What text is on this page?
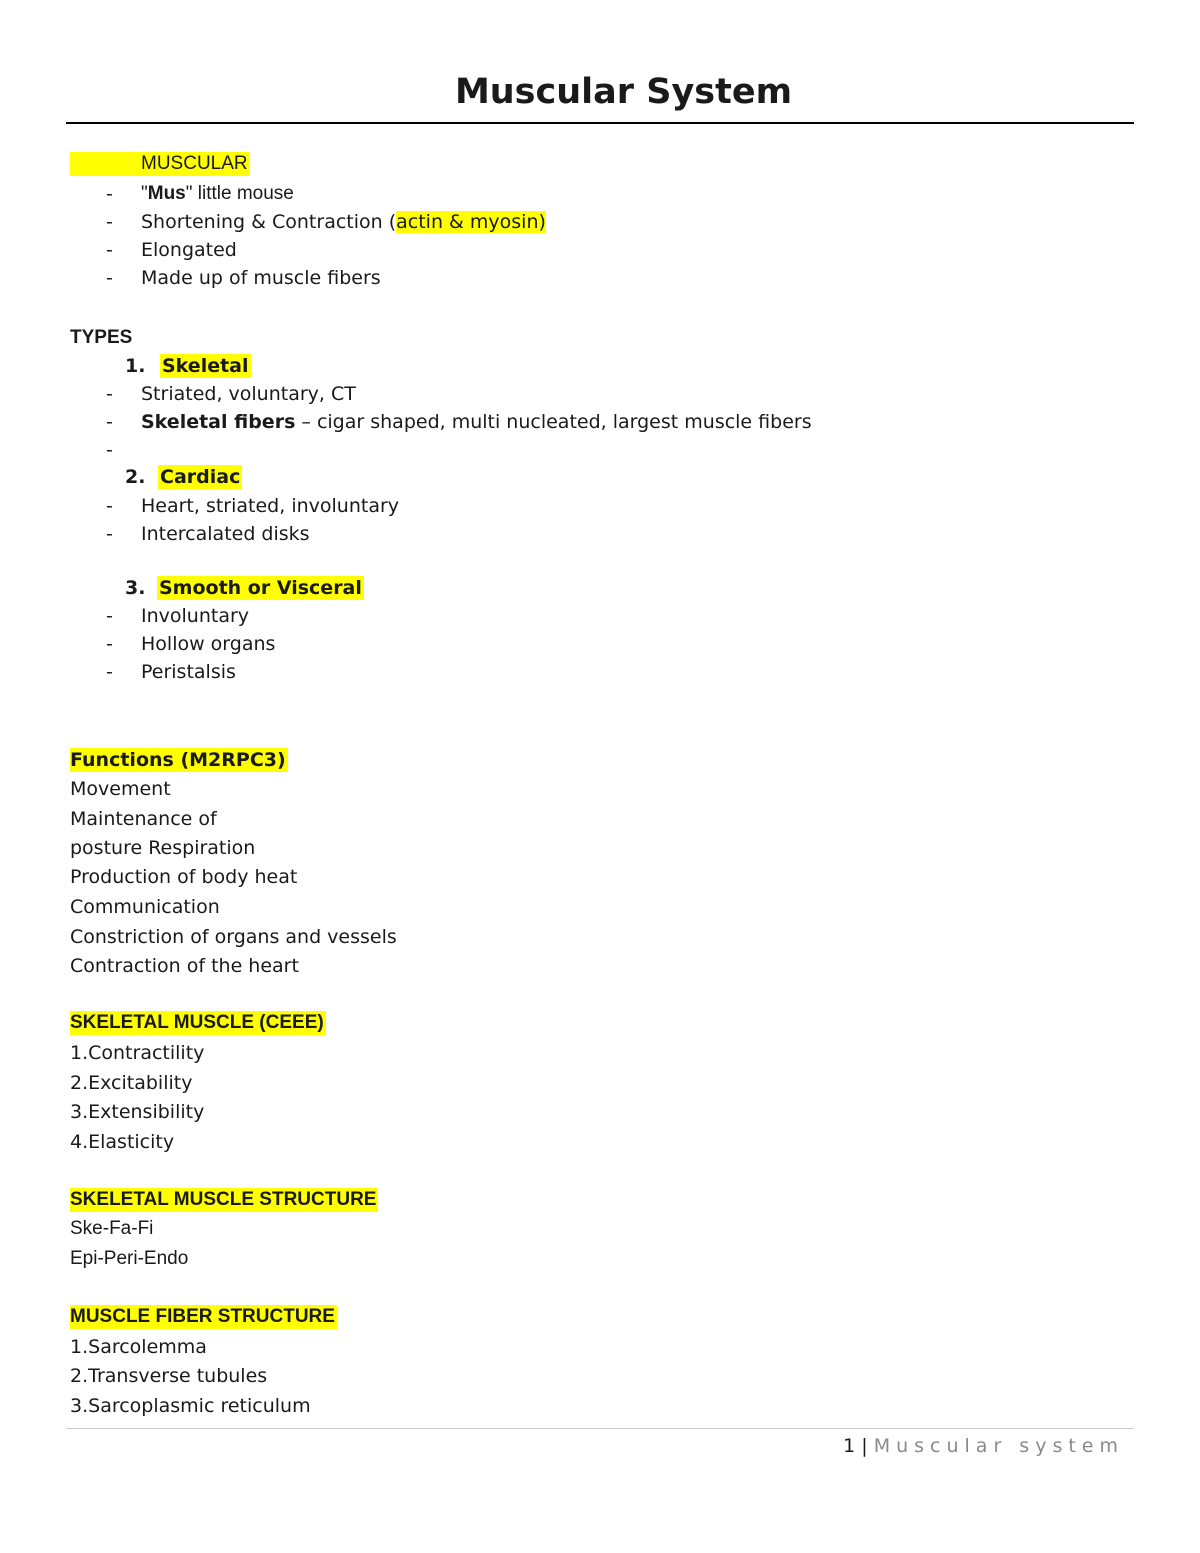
Muscular System
MUSCULAR
- "Mus" little mouse
- Shortening & Contraction (actin & myosin)
- Elongated
- Made up of muscle fibers
TYPES
1. Skeletal
- Striated, voluntary, CT
- Skeletal fibers – cigar shaped, multi nucleated, largest muscle fibers
-
2. Cardiac
- Heart, striated, involuntary
- Intercalated disks
3. Smooth or Visceral
- Involuntary
- Hollow organs
- Peristalsis
Functions (M2RPC3)
Movement
Maintenance of
posture Respiration
Production of body heat
Communication
Constriction of organs and vessels
Contraction of the heart
SKELETAL MUSCLE (CEEE)
1.Contractility
2.Excitability
3.Extensibility
4.Elasticity
SKELETAL MUSCLE STRUCTURE
Ske-Fa-Fi
Epi-Peri-Endo
MUSCLE FIBER STRUCTURE
1.Sarcolemma
2.Transverse tubules
3.Sarcoplasmic reticulum
1 | Muscular system
